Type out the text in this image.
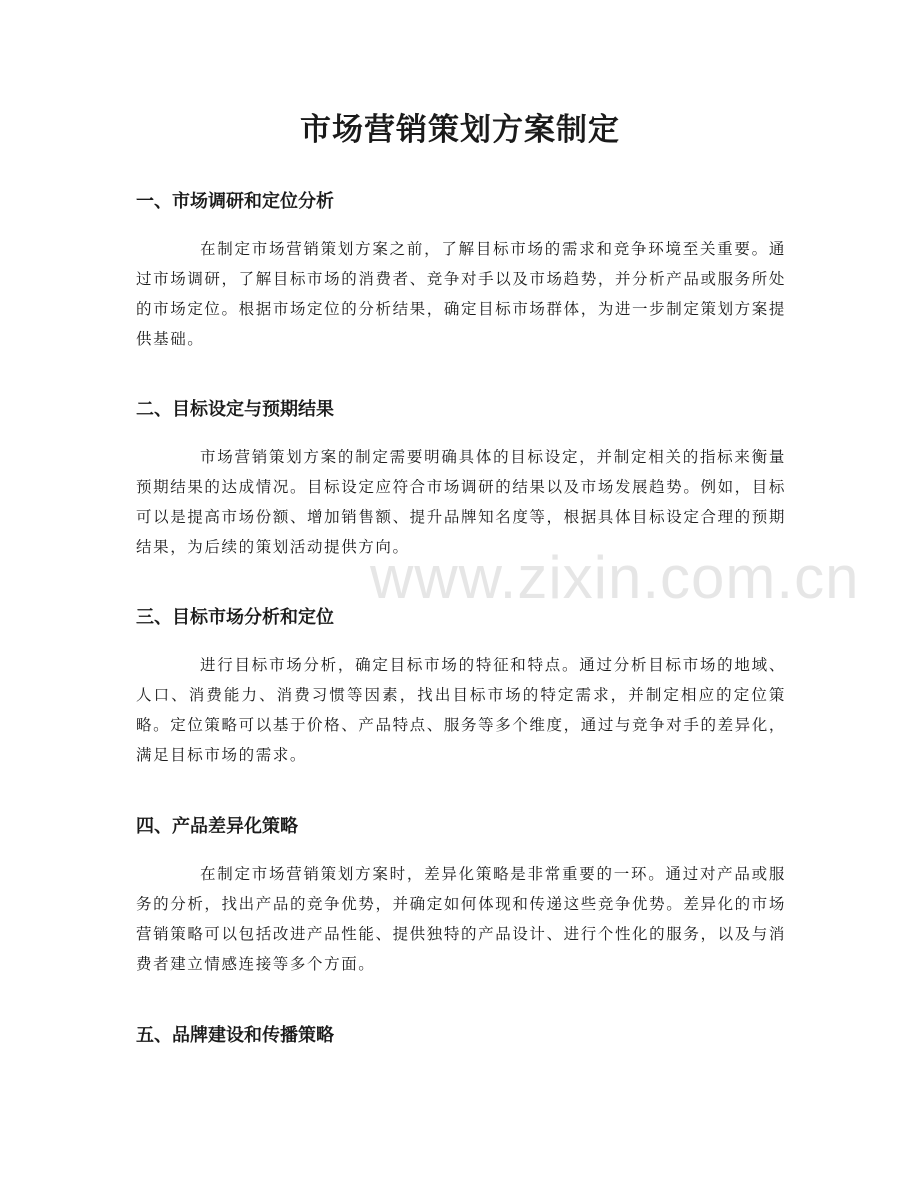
市场营销策划方案制定
一、市场调研和定位分析

在制定市场营销策划方案之前，了解目标市场的需求和竞争环境至关重要。通过市场调研，了解目标市场的消费者、竞争对手以及市场趋势，并分析产品或服务所处的市场定位。根据市场定位的分析结果，确定目标市场群体，为进一步制定策划方案提供基础。

二、目标设定与预期结果

市场营销策划方案的制定需要明确具体的目标设定，并制定相关的指标来衡量预期结果的达成情况。目标设定应符合市场调研的结果以及市场发展趋势。例如，目标可以是提高市场份额、增加销售额、提升品牌知名度等，根据具体目标设定合理的预期结果，为后续的策划活动提供方向。

三、目标市场分析和定位

进行目标市场分析，确定目标市场的特征和特点。通过分析目标市场的地域、人口、消费能力、消费习惯等因素，找出目标市场的特定需求，并制定相应的定位策略。定位策略可以基于价格、产品特点、服务等多个维度，通过与竞争对手的差异化，满足目标市场的需求。

四、产品差异化策略

在制定市场营销策划方案时，差异化策略是非常重要的一环。通过对产品或服务的分析，找出产品的竞争优势，并确定如何体现和传递这些竞争优势。差异化的市场营销策略可以包括改进产品性能、提供独特的产品设计、进行个性化的服务，以及与消费者建立情感连接等多个方面。

五、品牌建设和传播策略
www.zixin.com.cn
